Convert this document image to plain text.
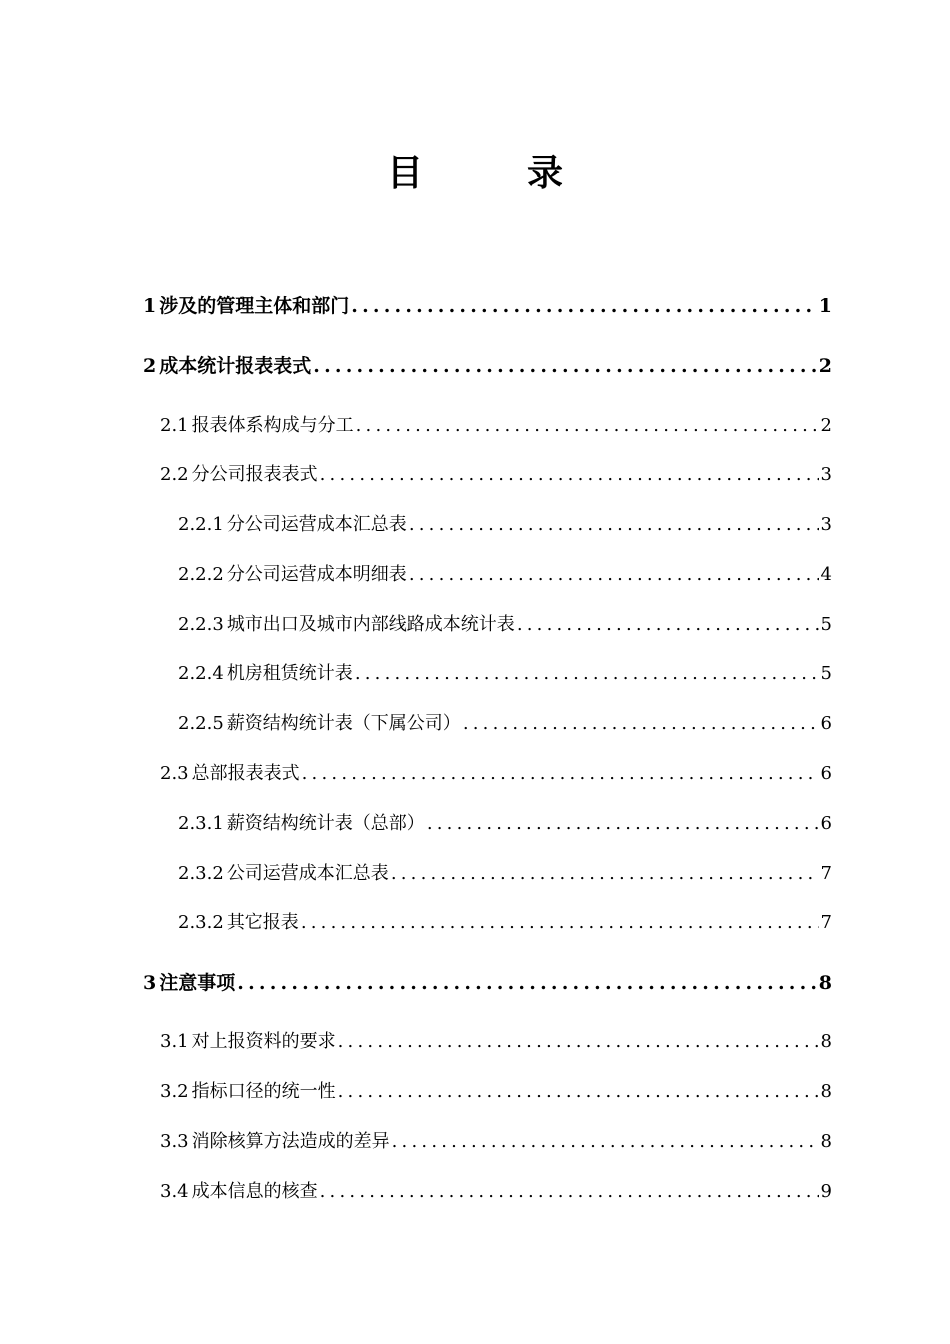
目录
1 涉及的管理主体和部门 .....	1
2 成本统计报表表式 .....	2
2.1 报表体系构成与分工 .....	2
2.2 分公司报表表式 .....	3
2.2.1 分公司运营成本汇总表 .....	3
2.2.2 分公司运营成本明细表 .....	4
2.2.3 城市出口及城市内部线路成本统计表 .....	5
2.2.4 机房租赁统计表 .....	5
2.2.5 薪资结构统计表（下属公司） .....	6
2.3 总部报表表式 .....	6
2.3.1 薪资结构统计表（总部） .....	6
2.3.2 公司运营成本汇总表 .....	7
2.3.2 其它报表 .....	7
3 注意事项 .....	8
3.1 对上报资料的要求 .....	8
3.2 指标口径的统一性 .....	8
3.3 消除核算方法造成的差异 .....	8
3.4 成本信息的核查 .....	9
